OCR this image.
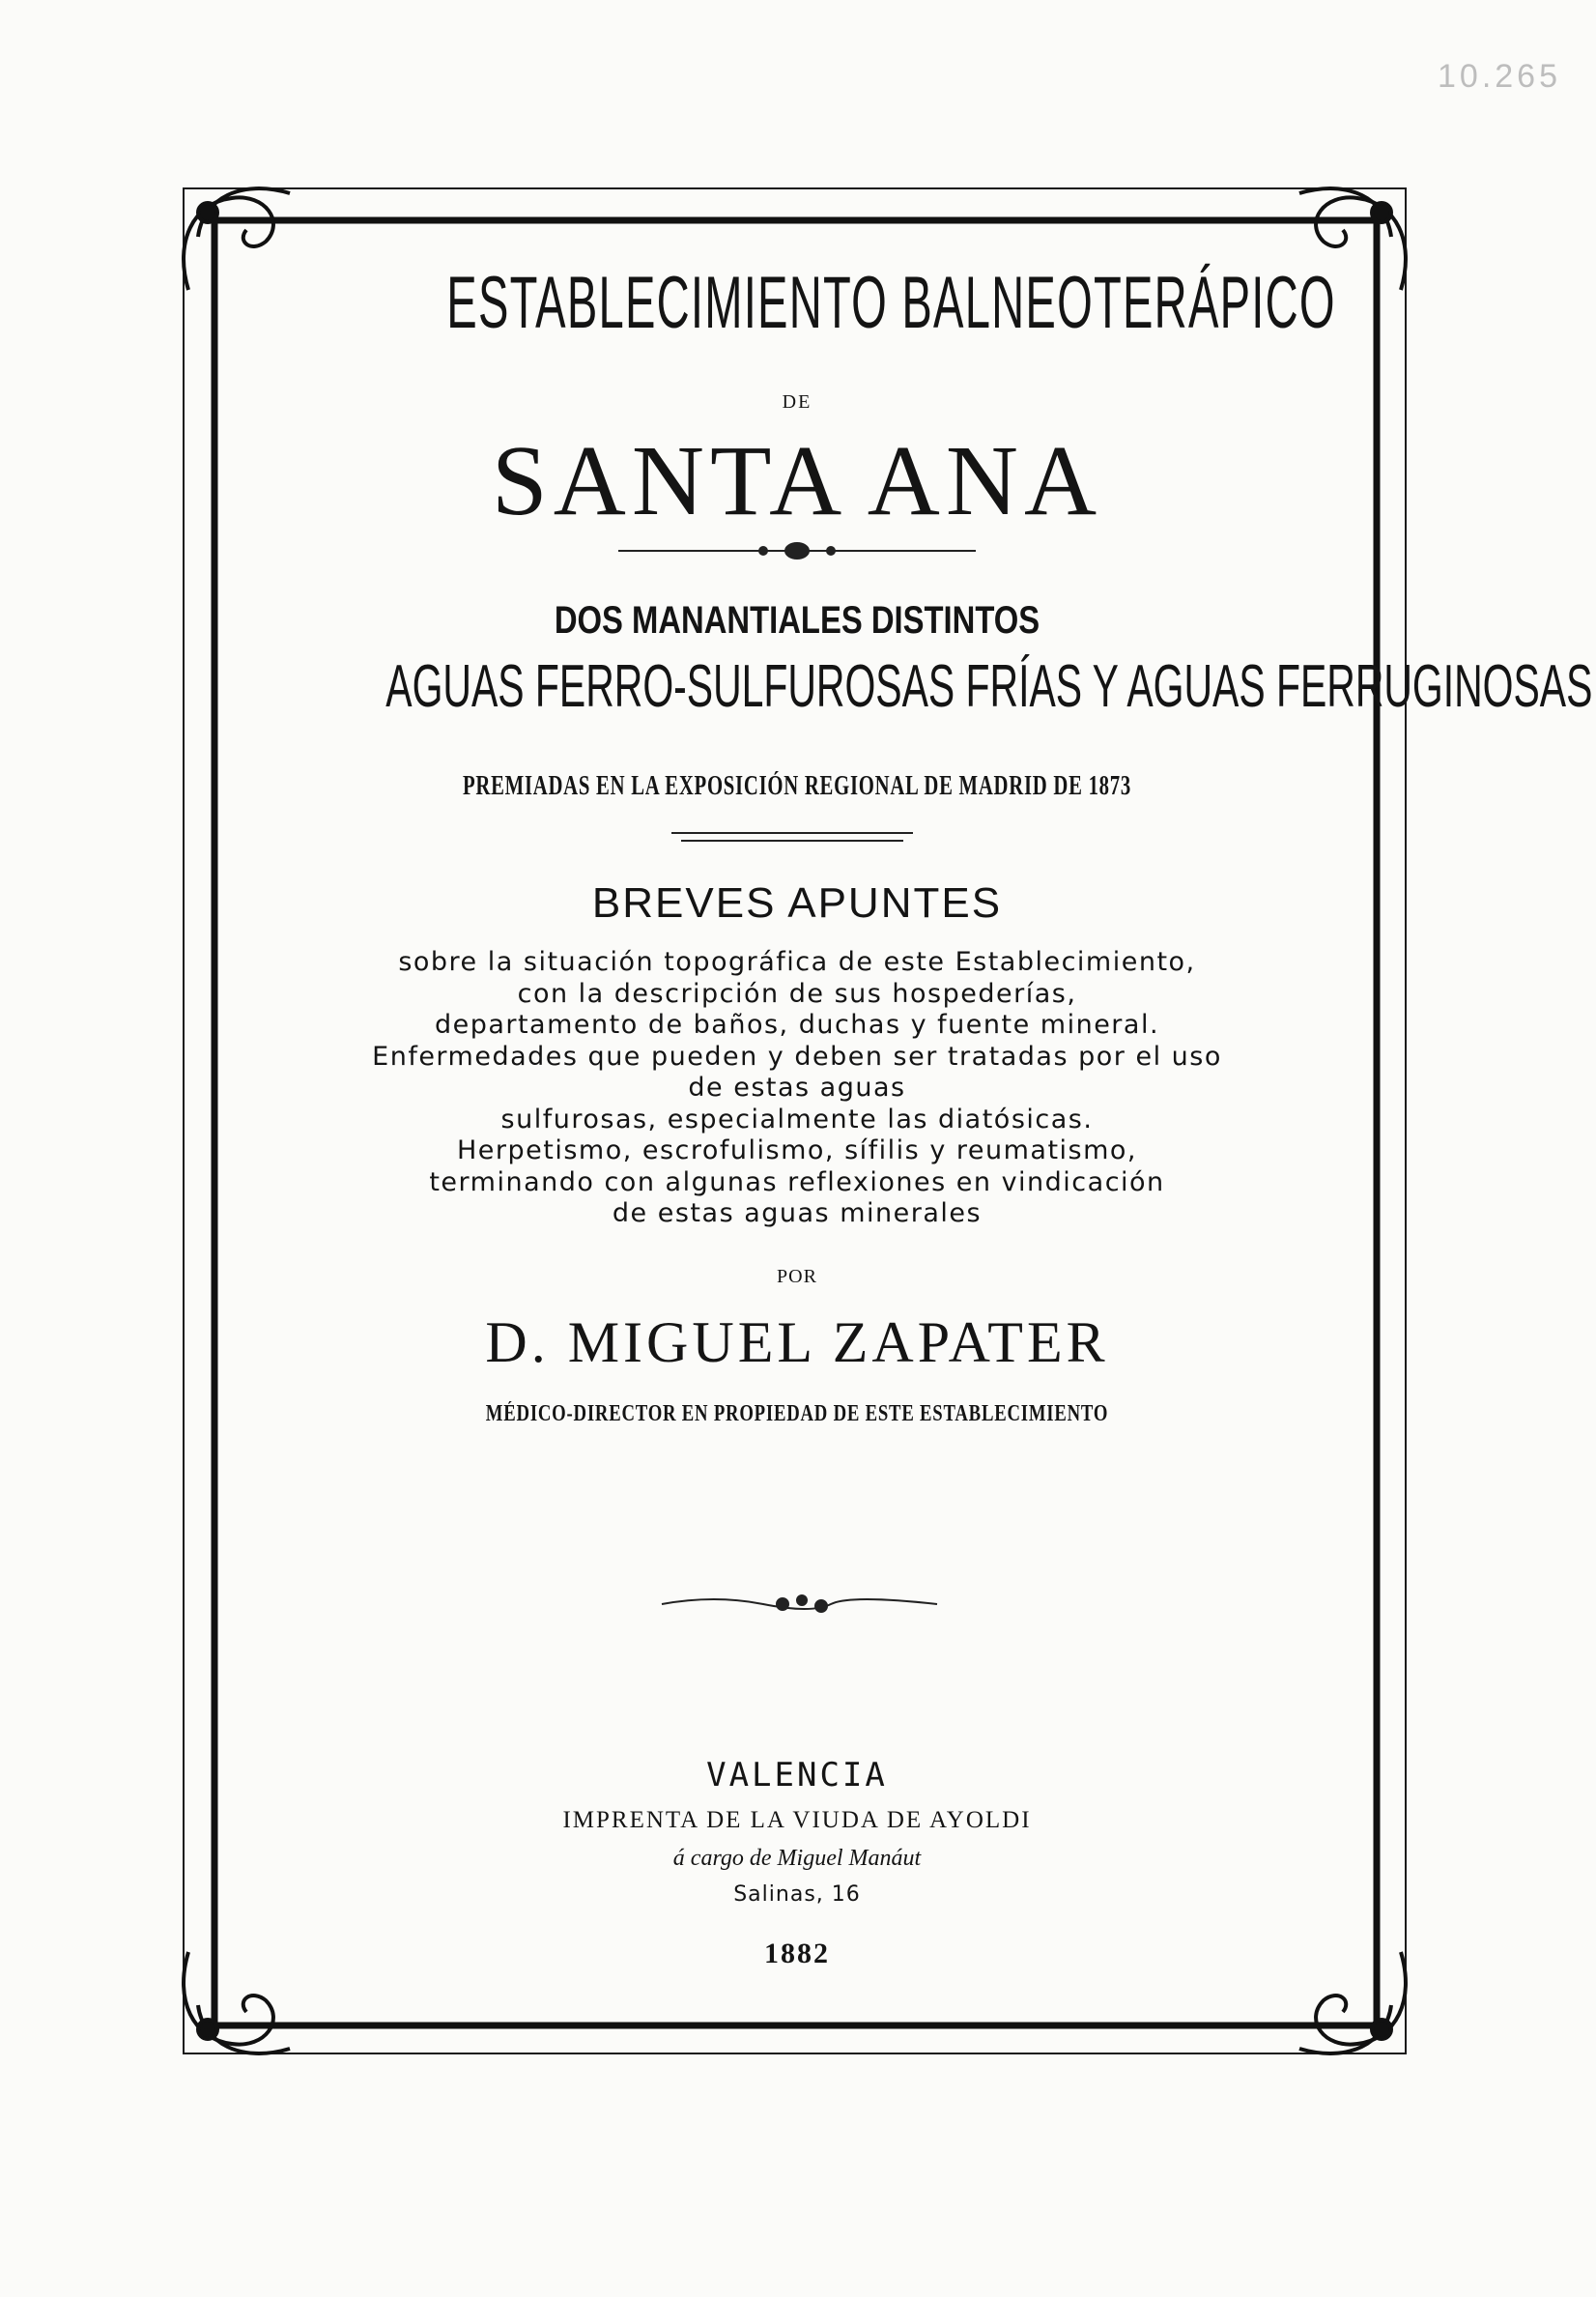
10.265
ESTABLECIMIENTO BALNEOTERÁPICO
DE
SANTA ANA
DOS MANANTIALES DISTINTOS
AGUAS FERRO-SULFUROSAS FRÍAS Y AGUAS FERRUGINOSAS
PREMIADAS EN LA EXPOSICIÓN REGIONAL DE MADRID DE 1873
BREVES APUNTES
sobre la situación topográfica de este Establecimiento,
con la descripción de sus hospederías,
departamento de baños, duchas y fuente mineral.
Enfermedades que pueden y deben ser tratadas por el uso
de estas aguas
sulfurosas, especialmente las diatósicas.
Herpetismo, escrofulismo, sífilis y reumatismo,
terminando con algunas reflexiones en vindicación
de estas aguas minerales
POR
D. MIGUEL ZAPATER
MÉDICO-DIRECTOR EN PROPIEDAD DE ESTE ESTABLECIMIENTO
VALENCIA
IMPRENTA DE LA VIUDA DE AYOLDI
á cargo de Miguel Manáut
Salinas, 16
1882
